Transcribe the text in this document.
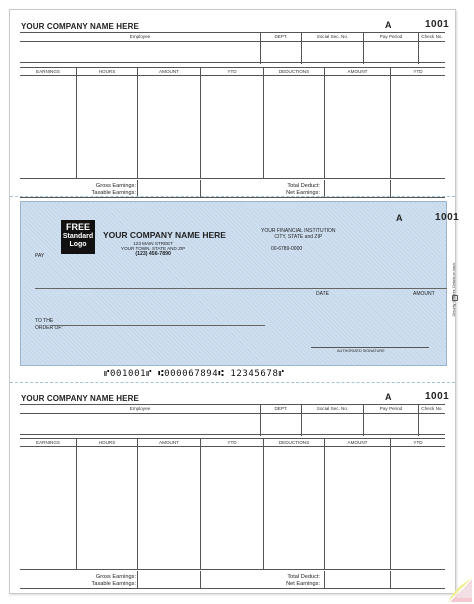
YOUR COMPANY NAME HERE	A	1001
Employee	DEPT.	Social Sec. No.	Pay Period	Check No.
EARNINGS	HOURS	AMOUNT	YTD	DEDUCTIONS	AMOUNT	YTD
Gross Earnings:
Taxable Earnings:
Total Deduct:
Net Earnings:
FREE
Standard
Logo
YOUR COMPANY NAME HERE
123 MAIN STREET
YOUR TOWN, STATE AND ZIP
(123) 456-7890
YOUR FINANCIAL INSTITUTION
CITY, STATE and ZIP
00-6789-0000
A	1001
PAY
DATE	AMOUNT
TO THE
ORDER OF:
AUTHORIZED SIGNATURE
Security features. Details on back.
⑈001001⑈ ⑆000067894⑆ 12345678⑈
YOUR COMPANY NAME HERE	A	1001
Employee	DEPT.	Social Sec. No.	Pay Period	Check No.
EARNINGS	HOURS	AMOUNT	YTD	DEDUCTIONS	AMOUNT	YTD
Gross Earnings:
Taxable Earnings:
Total Deduct:
Net Earnings:
